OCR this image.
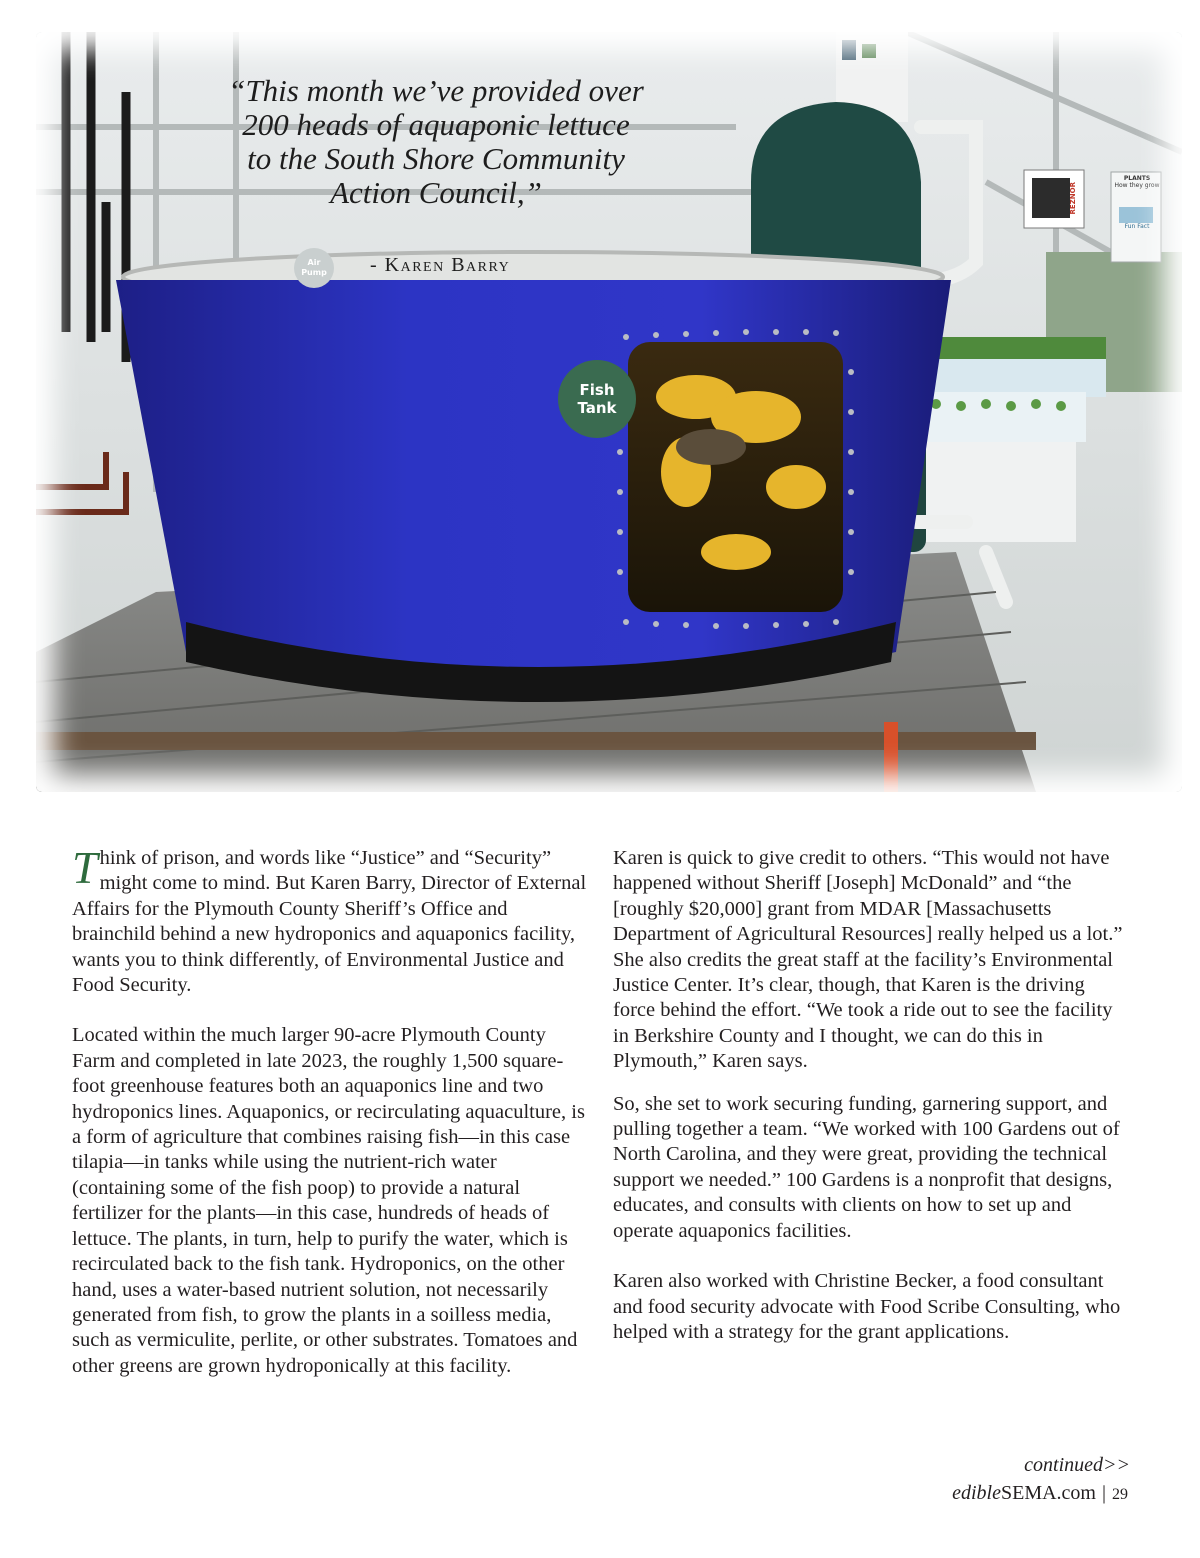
“This month we’ve provided over
200 heads of aquaponic lettuce
to the South Shore Community
Action Council,”
- Karen Barry
Air
Pump
Fish
Tank
REZNOR
PLANTS
How they grow
Fun Fact

Think of prison, and words like “Justice” and “Security” might come to mind. But Karen Barry, Director of External Affairs for the Plymouth County Sheriff’s Office and brainchild behind a new hydroponics and aquaponics facility, wants you to think differently, of Environmental Justice and Food Security.

Located within the much larger 90-acre Plymouth County Farm and completed in late 2023, the roughly 1,500 square-foot greenhouse features both an aquaponics line and two hydroponics lines. Aquaponics, or recirculating aquaculture, is a form of agriculture that combines raising fish—in this case tilapia—in tanks while using the nutrient-rich water (containing some of the fish poop) to provide a natural fertilizer for the plants—in this case, hundreds of heads of lettuce. The plants, in turn, help to purify the water, which is recirculated back to the fish tank. Hydroponics, on the other hand, uses a water-based nutrient solution, not necessarily generated from fish, to grow the plants in a soilless media, such as vermiculite, perlite, or other substrates. Tomatoes and other greens are grown hydroponically at this facility.

Karen is quick to give credit to others. “This would not have happened without Sheriff [Joseph] McDonald” and “the [roughly $20,000] grant from MDAR [Massachusetts Department of Agricultural Resources] really helped us a lot.” She also credits the great staff at the facility’s Environmental Justice Center. It’s clear, though, that Karen is the driving force behind the effort. “We took a ride out to see the facility in Berkshire County and I thought, we can do this in Plymouth,” Karen says.

So, she set to work securing funding, garnering support, and pulling together a team. “We worked with 100 Gardens out of North Carolina, and they were great, providing the technical support we needed.” 100 Gardens is a nonprofit that designs, educates, and consults with clients on how to set up and operate aquaponics facilities.

Karen also worked with Christine Becker, a food consultant and food security advocate with Food Scribe Consulting, who helped with a strategy for the grant applications.

continued>>
edibleSEMA.com | 29
